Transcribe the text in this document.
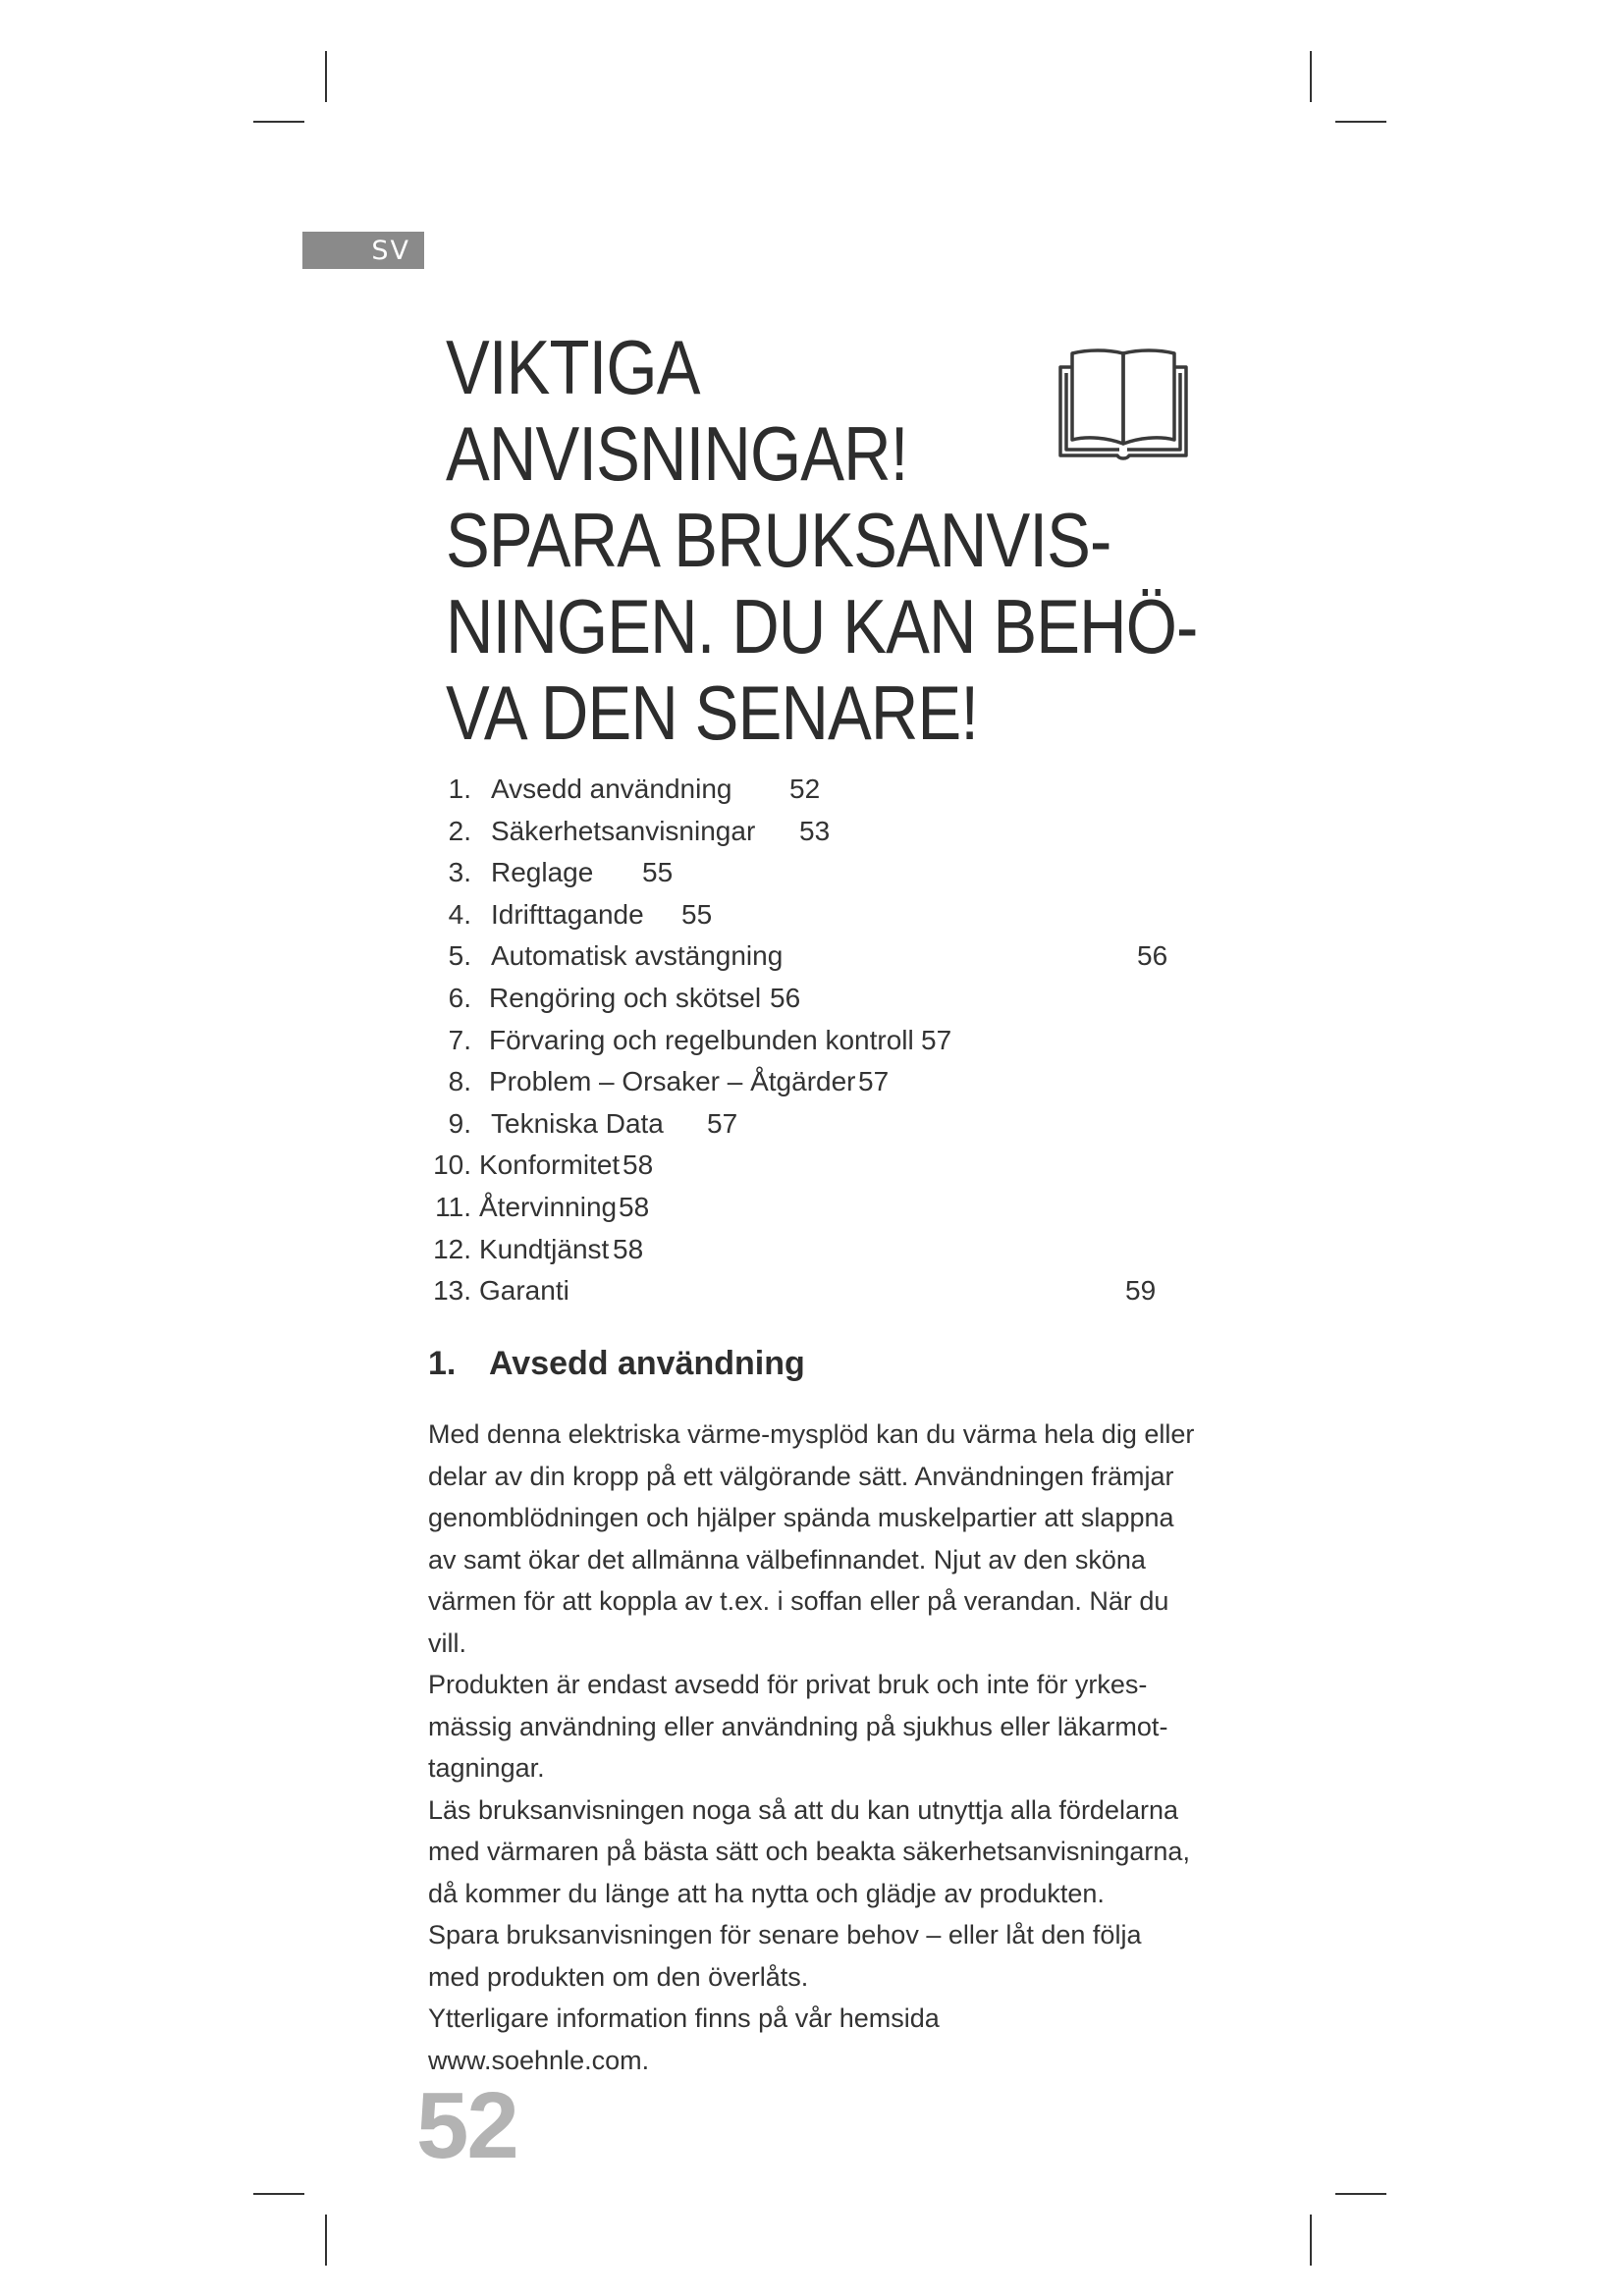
SV
VIKTIGA
ANVISNINGAR!
SPARA BRUKSANVIS-
NINGEN. DU KAN BEHÖ-
VA DEN SENARE!
1. Avsedd användning 52
2. Säkerhetsanvisningar 53
3. Reglage 55
4. Idrifttagande 55
5. Automatisk avstängning	56
6. Rengöring och skötsel 56
7. Förvaring och regelbunden kontroll 57
8. Problem – Orsaker – Åtgärder 57
9. Tekniska Data 57
10. Konformitet 58
11. Återvinning 58
12. Kundtjänst 58
13. Garanti	59
1. Avsedd användning
Med denna elektriska värme-mysplöd kan du värma hela dig eller
delar av din kropp på ett välgörande sätt. Användningen främjar
genomblödningen och hjälper spända muskelpartier att slappna
av samt ökar det allmänna välbefinnandet. Njut av den sköna
värmen för att koppla av t.ex. i soffan eller på verandan. När du
vill.
Produkten är endast avsedd för privat bruk och inte för yrkes-
mässig användning eller användning på sjukhus eller läkarmot-
tagningar.
Läs bruksanvisningen noga så att du kan utnyttja alla fördelarna
med värmaren på bästa sätt och beakta säkerhetsanvisningarna,
då kommer du länge att ha nytta och glädje av produkten.
Spara bruksanvisningen för senare behov – eller låt den följa
med produkten om den överlåts.
Ytterligare information finns på vår hemsida
www.soehnle.com.
52
